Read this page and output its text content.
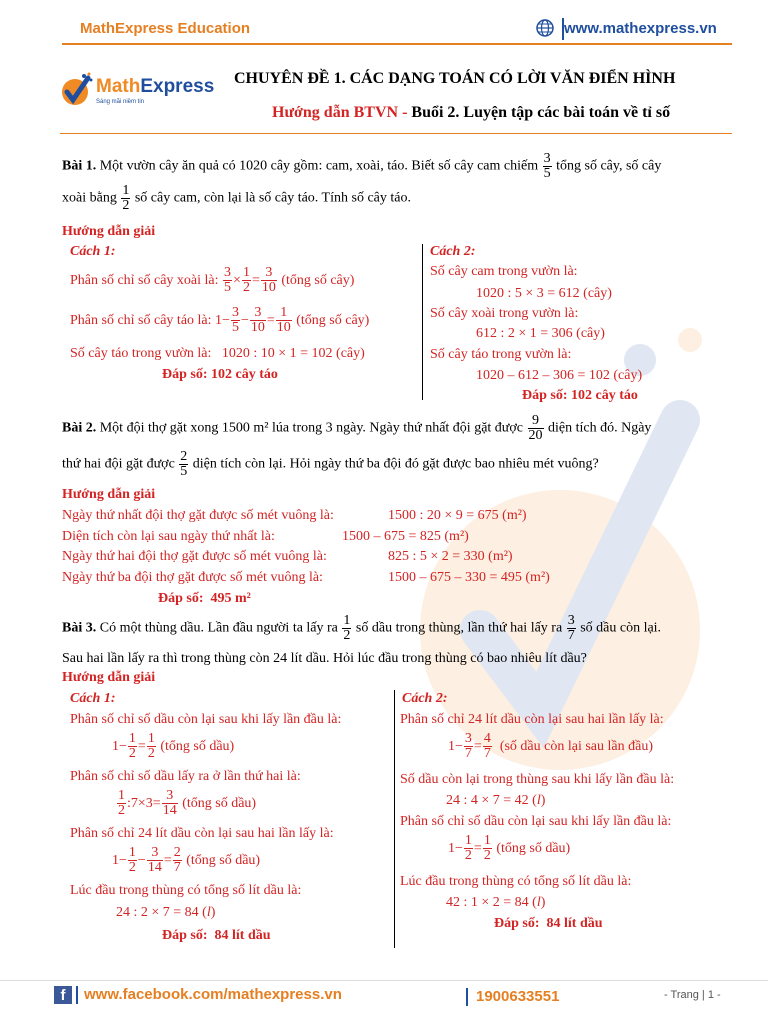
MathExpress Education	www.mathexpress.vn
MathExpress
Sáng mãi niềm tin
CHUYÊN ĐỀ 1. CÁC DẠNG TOÁN CÓ LỜI VĂN ĐIỂN HÌNH
Hướng dẫn BTVN - Buổi 2. Luyện tập các bài toán về tỉ số
Bài 1. Một vườn cây ăn quả có 1020 cây gồm: cam, xoài, táo. Biết số cây cam chiếm $\frac{3}{5}$ tổng số cây, số cây
xoài bằng $\frac{1}{2}$ số cây cam, còn lại là số cây táo. Tính số cây táo.
Hướng dẫn giải
Cách 1:
Phân số chỉ số cây xoài là: $\frac{3}{5} \times \frac{1}{2} = \frac{3}{10}$ (tổng số cây)
Phân số chỉ số cây táo là: $1- \frac{3}{5} - \frac{3}{10} = \frac{1}{10}$ (tổng số cây)
Số cây táo trong vườn là: 1020 : 10 × 1 = 102 (cây)
Đáp số: 102 cây táo
Cách 2:
Số cây cam trong vườn là:
1020 : 5 × 3 = 612 (cây)
Số cây xoài trong vườn là:
612 : 2 × 1 = 306 (cây)
Số cây táo trong vườn là:
1020 – 612 – 306 = 102 (cây)
Đáp số: 102 cây táo
Bài 2. Một đội thợ gặt xong 1500 m² lúa trong 3 ngày. Ngày thứ nhất đội gặt được $\frac{9}{20}$ diện tích đó. Ngày
thứ hai đội gặt được $\frac{2}{5}$ diện tích còn lại. Hỏi ngày thứ ba đội đó gặt được bao nhiêu mét vuông?
Hướng dẫn giải
Ngày thứ nhất đội thợ gặt được số mét vuông là:	1500 : 20 × 9 = 675 (m²)
Diện tích còn lại sau ngày thứ nhất là:	1500 – 675 = 825 (m²)
Ngày thứ hai đội thợ gặt được số mét vuông là:	825 : 5 × 2 = 330 (m²)
Ngày thứ ba đội thợ gặt được số mét vuông là:	1500 – 675 – 330 = 495 (m²)
Đáp số: 495 m²
Bài 3. Có một thùng dầu. Lần đầu người ta lấy ra $\frac{1}{2}$ số dầu trong thùng, lần thứ hai lấy ra $\frac{3}{7}$ số dầu còn lại.
Sau hai lần lấy ra thì trong thùng còn 24 lít dầu. Hỏi lúc đầu trong thùng có bao nhiêu lít dầu?
Hướng dẫn giải
Cách 1:
Phân số chỉ số dầu còn lại sau khi lấy lần đầu là:
$1- \frac{1}{2} = \frac{1}{2}$ (tổng số dầu)
Phân số chỉ số dầu lấy ra ở lần thứ hai là:
$\frac{1}{2}$ :7×3= $\frac{3}{14}$ (tổng số dầu)
Phân số chỉ 24 lít dầu còn lại sau hai lần lấy là:
$1- \frac{1}{2} - \frac{3}{14} = \frac{2}{7}$ (tổng số dầu)
Lúc đầu trong thùng có tổng số lít dầu là:
24 : 2 × 7 = 84 (l)
Đáp số: 84 lít dầu
Cách 2:
Phân số chỉ 24 lít dầu còn lại sau hai lần lấy là:
$1- \frac{3}{7} = \frac{4}{7}$ (số dầu còn lại sau lần đầu)
Số dầu còn lại trong thùng sau khi lấy lần đầu là:
24 : 4 × 7 = 42 (l)
Phân số chỉ số dầu còn lại sau khi lấy lần đầu là:
$1- \frac{1}{2} = \frac{1}{2}$ (tổng số dầu)
Lúc đầu trong thùng có tổng số lít dầu là:
42 : 1 × 2 = 84 (l)
Đáp số: 84 lít dầu
f	www.facebook.com/mathexpress.vn	1900633551	- Trang | 1 -
